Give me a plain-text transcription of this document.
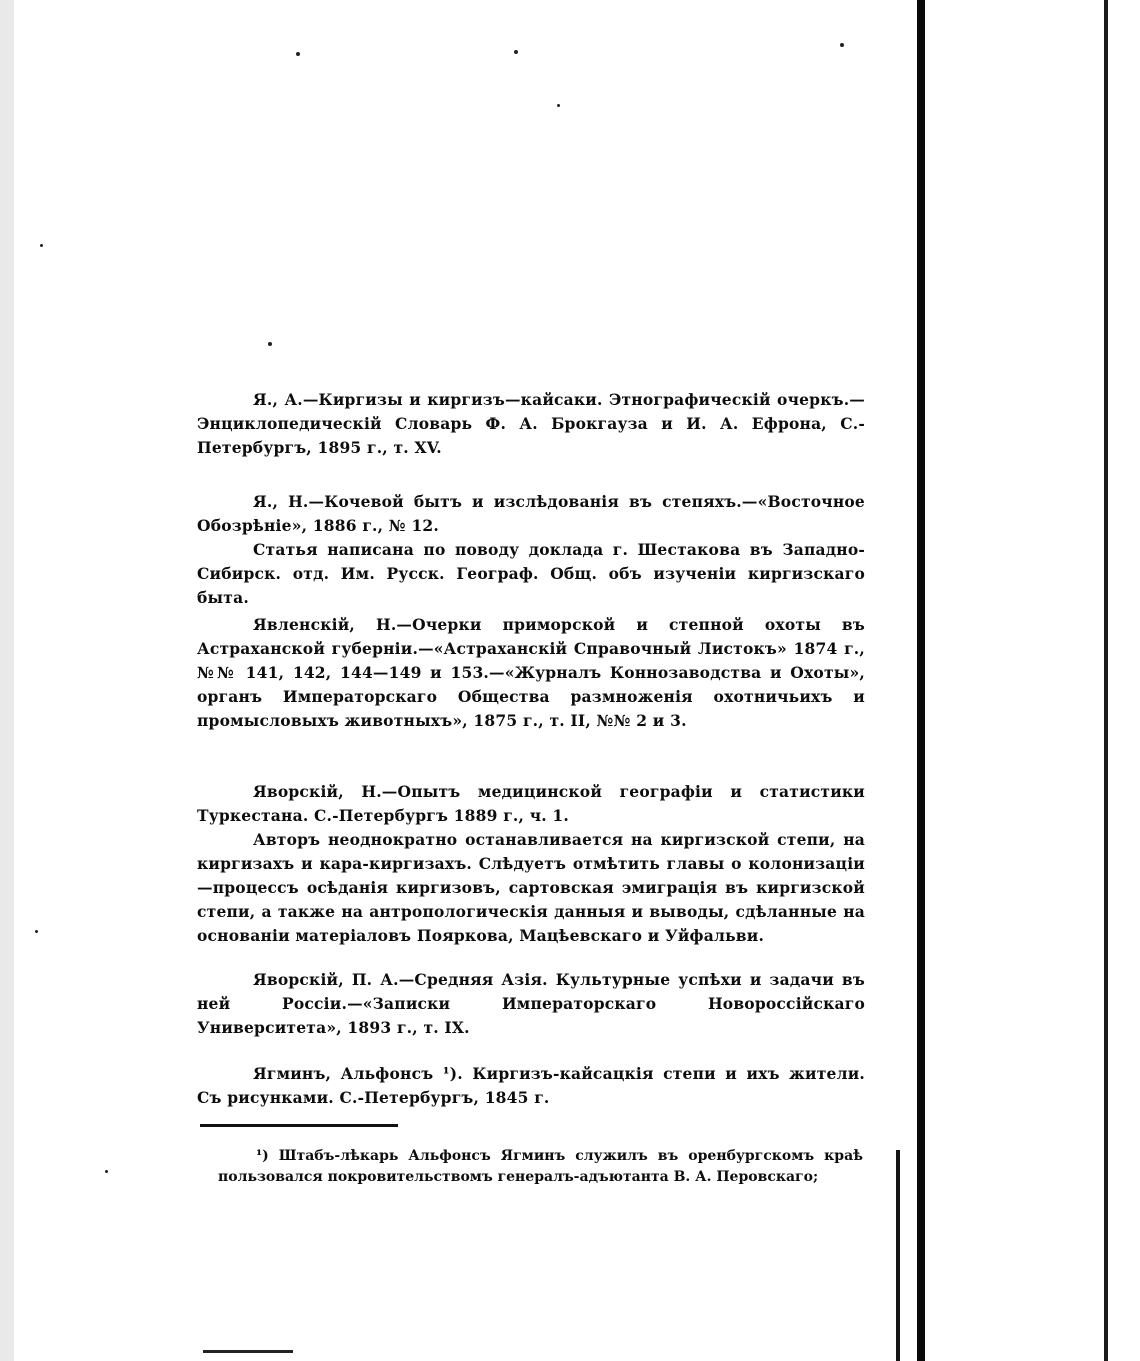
Я., А.—Киргизы и киргизъ—кайсаки. Этнографическій очеркъ.—Энциклопедическій Словарь Ф. А. Брокгауза и И. А. Ефрона, С.-Петербургъ, 1895 г., т. XV.

Я., Н.—Кочевой бытъ и изслѣдованія въ степяхъ.—«Восточное Обозрѣніе», 1886 г., № 12.

Статья написана по поводу доклада г. Шестакова въ Западно-Сибирск. отд. Им. Русск. Географ. Общ. объ изученіи киргизскаго быта.

Явленскій, Н.—Очерки приморской и степной охоты въ Астраханской губерніи.—«Астраханскій Справочный Листокъ» 1874 г., №№ 141, 142, 144—149 и 153.—«Журналъ Коннозаводства и Охоты», органъ Императорскаго Общества размноженія охотничьихъ и промысловыхъ животныхъ», 1875 г., т. II, №№ 2 и 3.

Яворскій, Н.—Опытъ медицинской географіи и статистики Туркестана. С.-Петербургъ 1889 г., ч. 1.

Авторъ неоднократно останавливается на киргизской степи, на киргизахъ и кара-киргизахъ. Слѣдуетъ отмѣтить главы о колонизаціи—процессъ осѣданія киргизовъ, сартовская эмиграція въ киргизской степи, а также на антропологическія данныя и выводы, сдѣланные на основаніи матеріаловъ Пояркова, Мацѣевскаго и Уйфальви.

Яворскій, П. А.—Средняя Азія. Культурные успѣхи и задачи въ ней Россіи.—«Записки Императорскаго Новороссійскаго Университета», 1893 г., т. IX.

Ягминъ, Альфонсъ ¹). Киргизъ-кайсацкія степи и ихъ жители. Съ рисунками. С.-Петербургъ, 1845 г.

¹) Штабъ-лѣкарь Альфонсъ Ягминъ служилъ въ оренбургскомъ краѣ пользовался покровительствомъ генералъ-адъютанта В. А. Перовскаго;
